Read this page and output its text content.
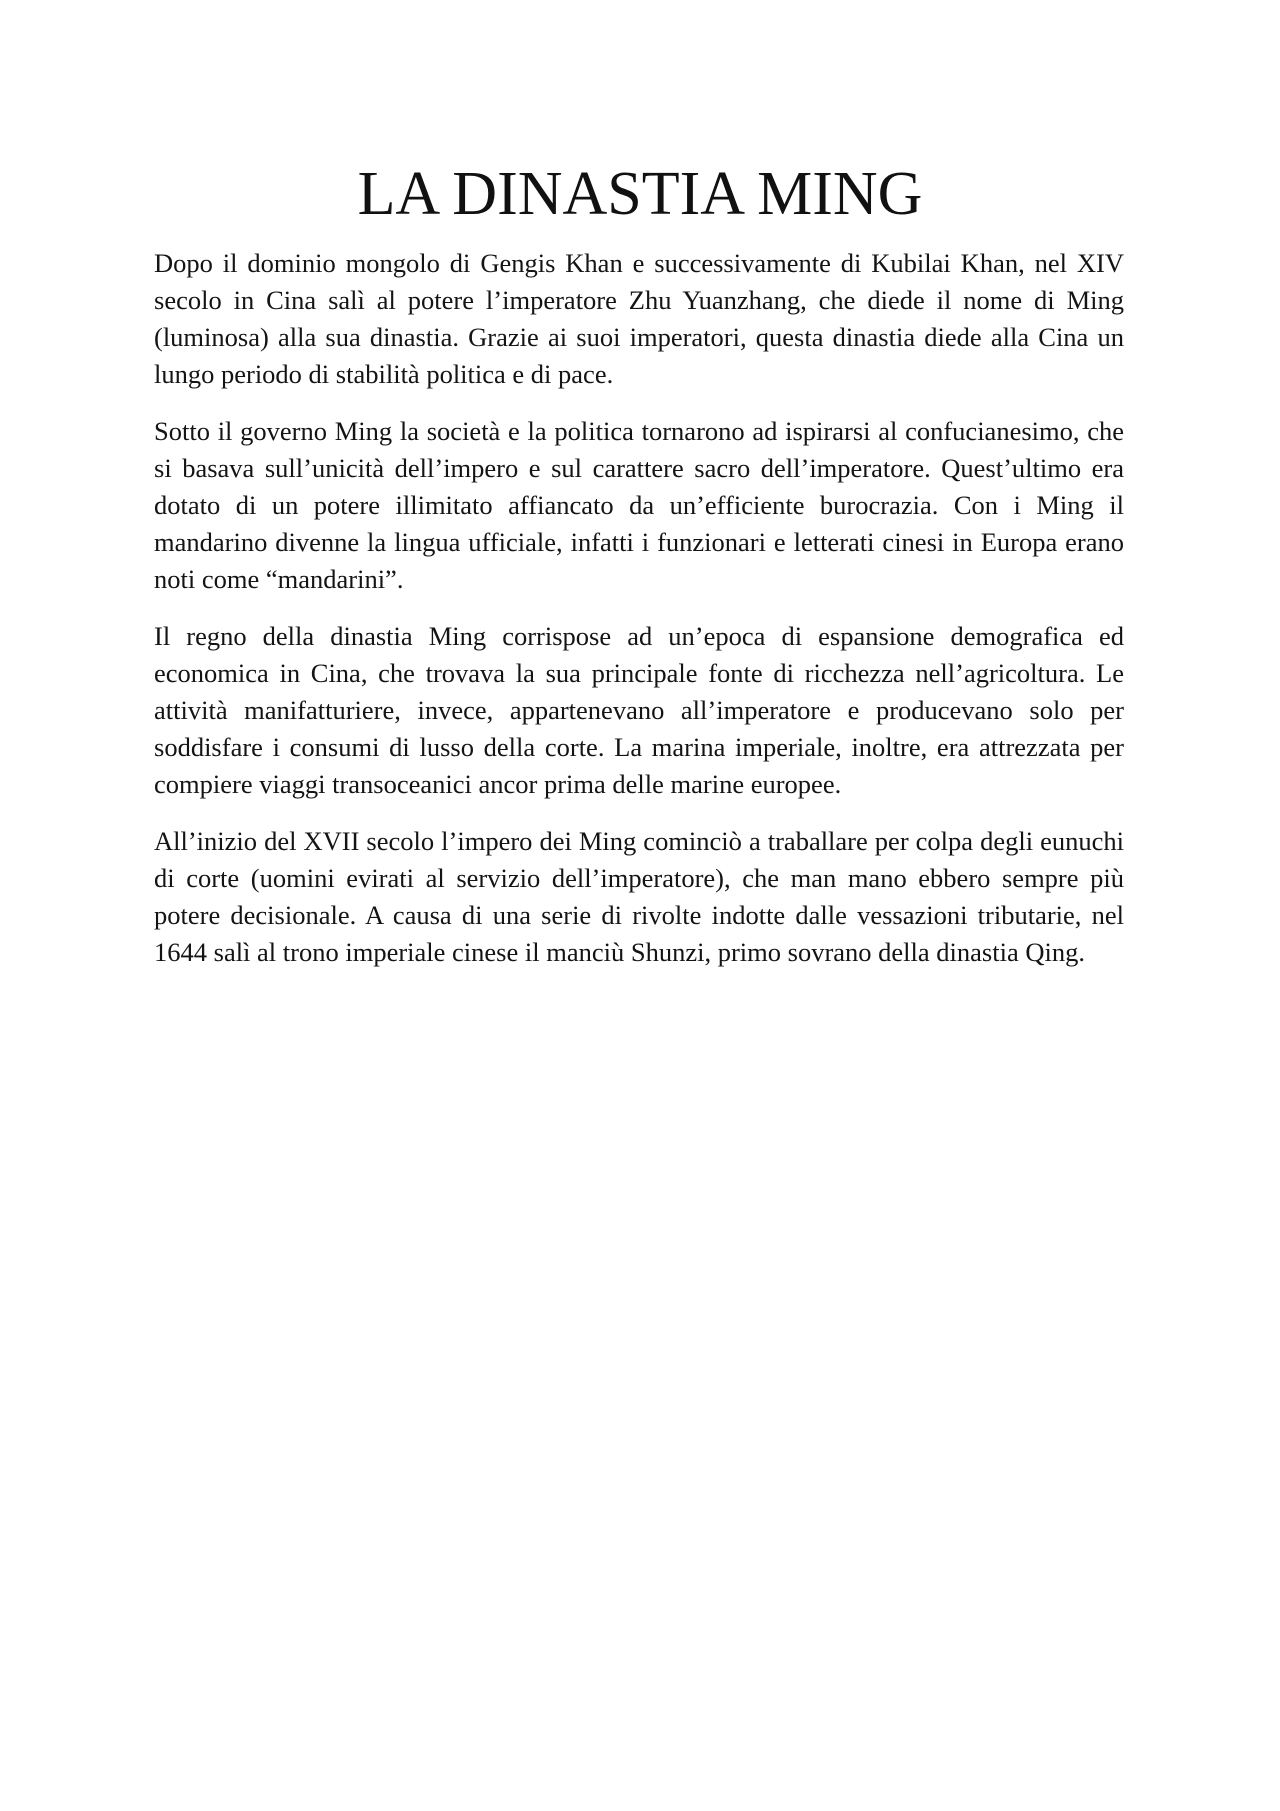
LA DINASTIA MING

Dopo il dominio mongolo di Gengis Khan e successivamente di Kubilai Khan, nel XIV secolo in Cina salì al potere l’imperatore Zhu Yuanzhang, che diede il nome di Ming (luminosa) alla sua dinastia. Grazie ai suoi imperatori, questa dinastia diede alla Cina un lungo periodo di stabilità politica e di pace.

Sotto il governo Ming la società e la politica tornarono ad ispirarsi al confucianesimo, che si basava sull’unicità dell’impero e sul carattere sacro dell’imperatore. Quest’ultimo era dotato di un potere illimitato affiancato da un’efficiente burocrazia. Con i Ming il mandarino divenne la lingua ufficiale, infatti i funzionari e letterati cinesi in Europa erano noti come “mandarini”.

Il regno della dinastia Ming corrispose ad un’epoca di espansione demografica ed economica in Cina, che trovava la sua principale fonte di ricchezza nell’agricoltura. Le attività manifatturiere, invece, appartenevano all’imperatore e producevano solo per soddisfare i consumi di lusso della corte. La marina imperiale, inoltre, era attrezzata per compiere viaggi transoceanici ancor prima delle marine europee.

All’inizio del XVII secolo l’impero dei Ming cominciò a traballare per colpa degli eunuchi di corte (uomini evirati al servizio dell’imperatore), che man mano ebbero sempre più potere decisionale. A causa di una serie di rivolte indotte dalle vessazioni tributarie, nel 1644 salì al trono imperiale cinese il manciù Shunzi, primo sovrano della dinastia Qing.
